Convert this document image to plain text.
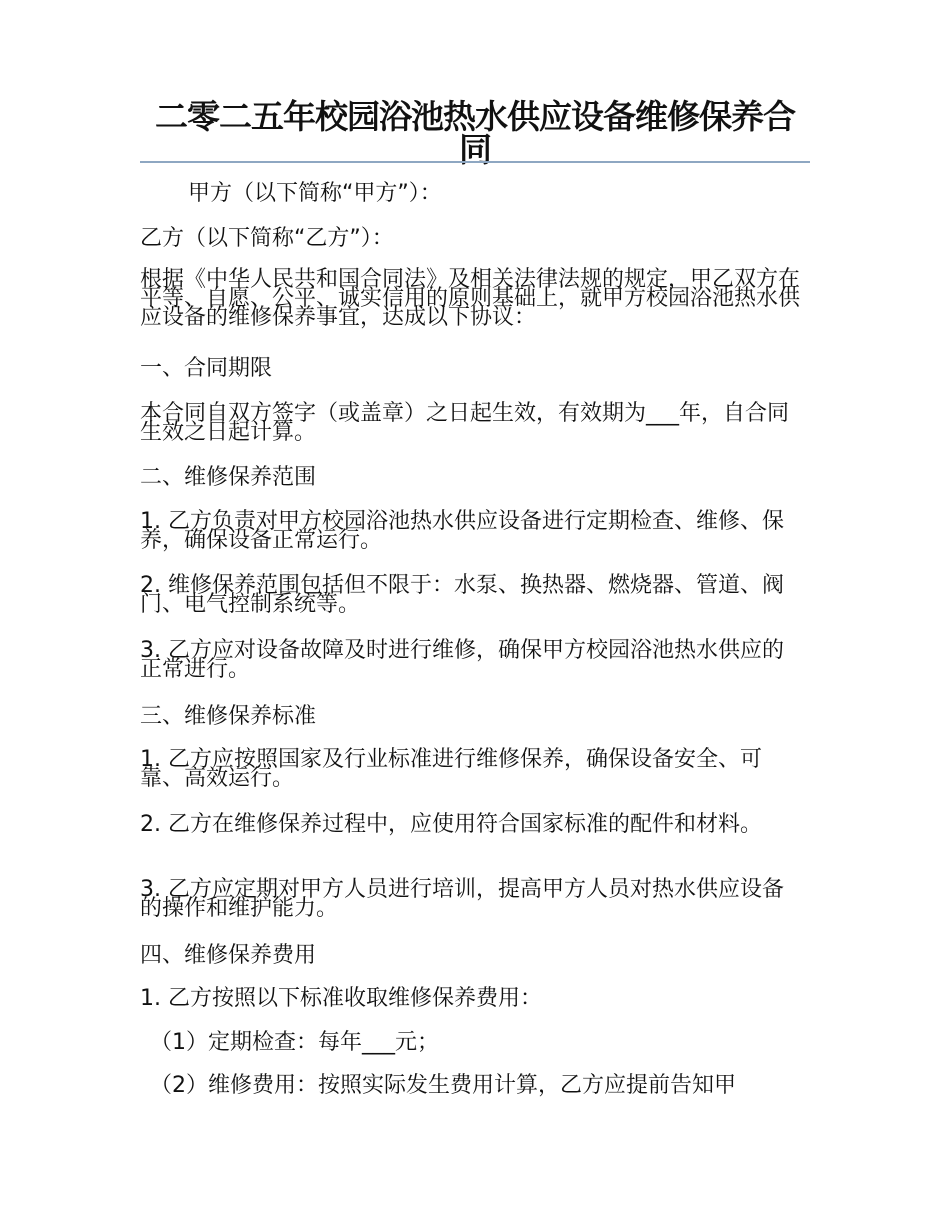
二零二五年校园浴池热水供应设备维修保养合同

甲方（以下简称“甲方”）：

乙方（以下简称“乙方”）：

根据《中华人民共和国合同法》及相关法律法规的规定，甲乙双方在平等、自愿、公平、诚实信用的原则基础上，就甲方校园浴池热水供应设备的维修保养事宜，达成以下协议：

一、合同期限

本合同自双方签字（或盖章）之日起生效，有效期为___年，自合同生效之日起计算。

二、维修保养范围

1. 乙方负责对甲方校园浴池热水供应设备进行定期检查、维修、保养，确保设备正常运行。

2. 维修保养范围包括但不限于：水泵、换热器、燃烧器、管道、阀门、电气控制系统等。

3. 乙方应对设备故障及时进行维修，确保甲方校园浴池热水供应的正常进行。

三、维修保养标准

1. 乙方应按照国家及行业标准进行维修保养，确保设备安全、可靠、高效运行。

2. 乙方在维修保养过程中，应使用符合国家标准的配件和材料。

3. 乙方应定期对甲方人员进行培训，提高甲方人员对热水供应设备的操作和维护能力。

四、维修保养费用

1. 乙方按照以下标准收取维修保养费用：

（1）定期检查：每年___元；

（2）维修费用：按照实际发生费用计算，乙方应提前告知甲
